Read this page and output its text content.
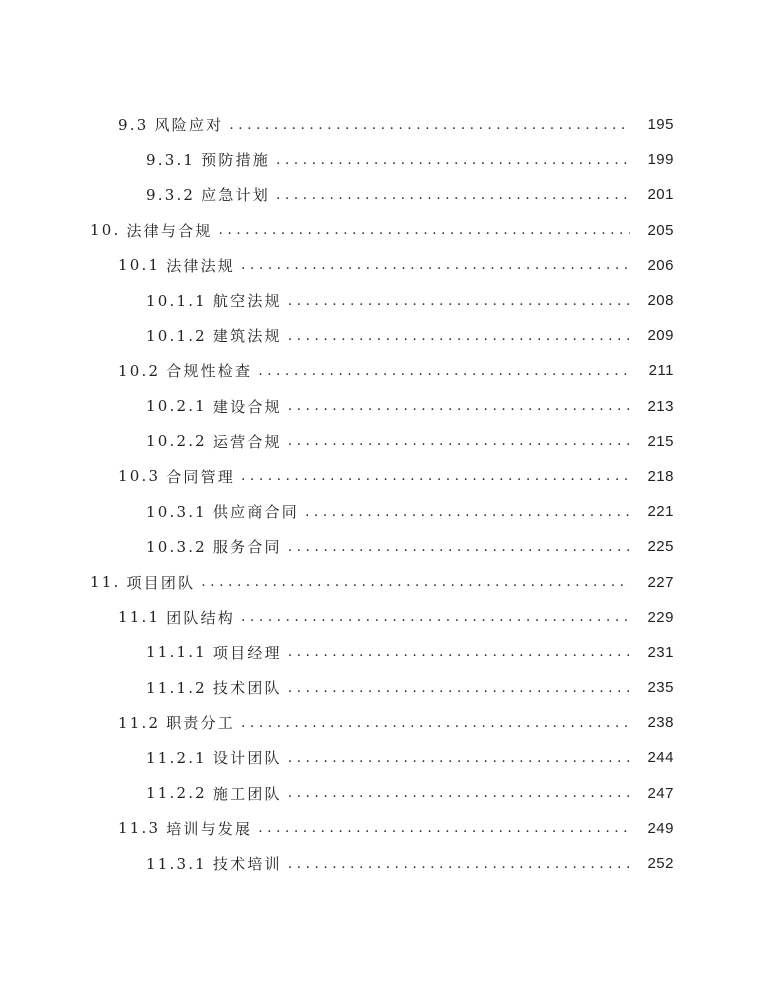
9.3 风险应对 . . .	195
9.3.1 预防措施 . . .	199
9.3.2 应急计划 . . .	201
10. 法律与合规 . . .	205
10.1 法律法规 . . .	206
10.1.1 航空法规 . . .	208
10.1.2 建筑法规 . . .	209
10.2 合规性检查 . . .	211
10.2.1 建设合规 . . .	213
10.2.2 运营合规 . . .	215
10.3 合同管理 . . .	218
10.3.1 供应商合同 . . .	221
10.3.2 服务合同 . . .	225
11. 项目团队 . . .	227
11.1 团队结构 . . .	229
11.1.1 项目经理 . . .	231
11.1.2 技术团队 . . .	235
11.2 职责分工 . . .	238
11.2.1 设计团队 . . .	244
11.2.2 施工团队 . . .	247
11.3 培训与发展 . . .	249
11.3.1 技术培训 . . .	252
